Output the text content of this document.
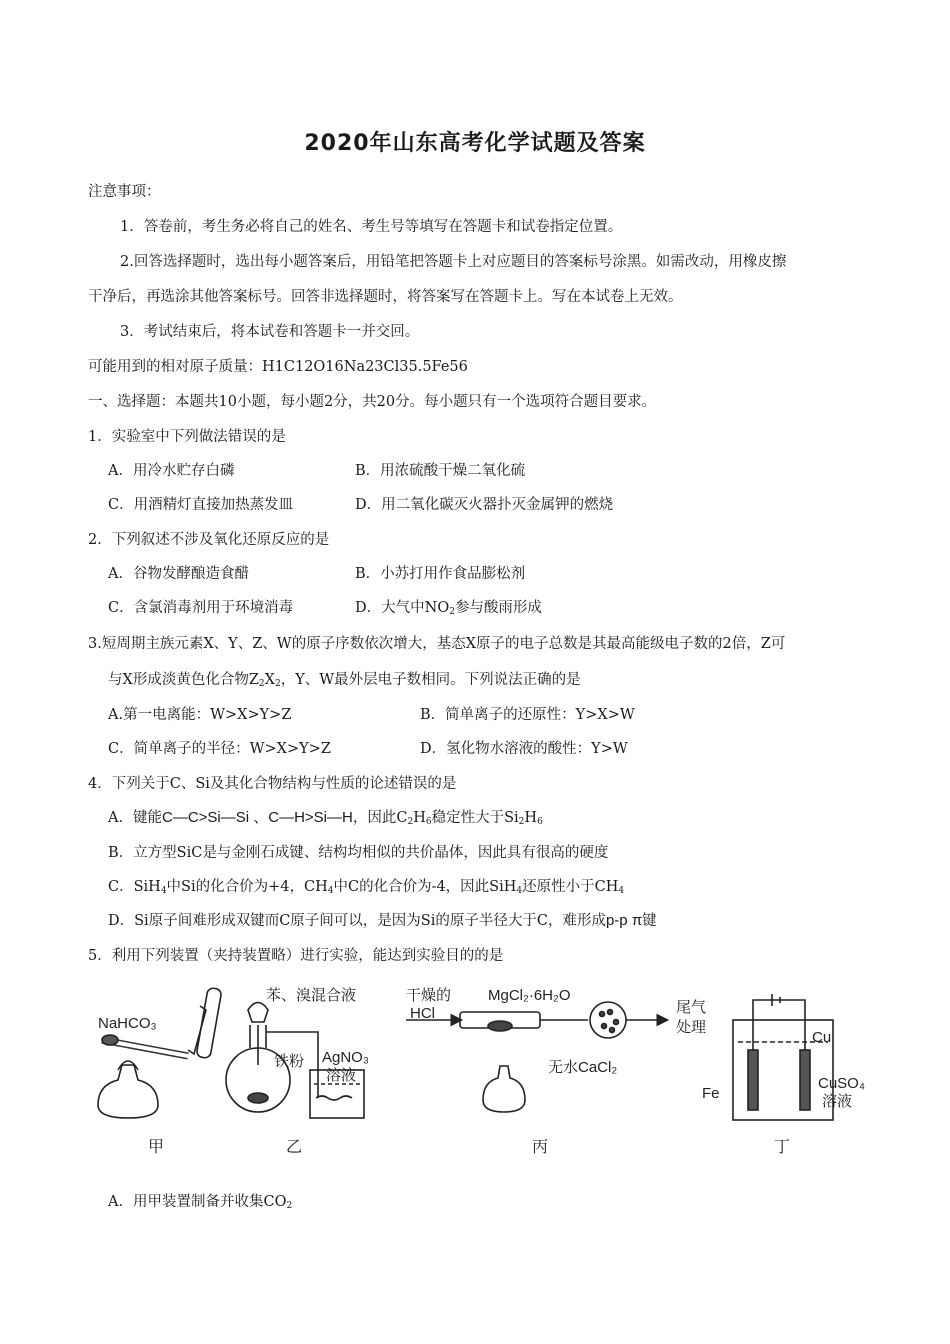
2020年山东高考化学试题及答案
注意事项：
1．答卷前，考生务必将自己的姓名、考生号等填写在答题卡和试卷指定位置。
2.回答选择题时，选出每小题答案后，用铅笔把答题卡上对应题目的答案标号涂黑。如需改动，用橡皮擦
干净后，再选涂其他答案标号。回答非选择题时，将答案写在答题卡上。写在本试卷上无效。
3．考试结束后，将本试卷和答题卡一并交回。
可能用到的相对原子质量：H1C12O16Na23Cl35.5Fe56
一、选择题：本题共10小题，每小题2分，共20分。每小题只有一个选项符合题目要求。
1．实验室中下列做法错误的是
A．用冷水贮存白磷	B．用浓硫酸干燥二氧化硫
C．用酒精灯直接加热蒸发皿	D．用二氧化碳灭火器扑灭金属钾的燃烧
2．下列叙述不涉及氧化还原反应的是
A．谷物发酵酿造食醋	B．小苏打用作食品膨松剂
C．含氯消毒剂用于环境消毒	D．大气中$NO_2$参与酸雨形成
3.短周期主族元素X、Y、Z、W的原子序数依次增大，基态X原子的电子总数是其最高能级电子数的2倍，Z可
与X形成淡黄色化合物$Z_2X_2$，Y、W最外层电子数相同。下列说法正确的是
A.第一电离能：W>X>Y>Z	B．简单离子的还原性：Y>X>W
C．简单离子的半径：W>X>Y>Z	D．氢化物水溶液的酸性：Y>W
4．下列关于C、Si及其化合物结构与性质的论述错误的是
A．键能C—C>Si—Si 、C—H>Si—H，因此$C_2H_6$稳定性大于$Si_2H_6$
B．立方型SiC是与金刚石成键、结构均相似的共价晶体，因此具有很高的硬度
C．SiH$_4$中Si的化合价为+4，$CH_4$中C的化合价为-4，因此SiH$_4$还原性小于$CH_4$
D．Si原子间难形成双键而C原子间可以，是因为Si的原子半径大于C，难形成p-p π键
5．利用下列装置（夹持装置略）进行实验，能达到实验目的的是
NaHCO₃
苯、溴混合液
铁粉 AgNO₃
溶液
干燥的
HCl
MgCl₂·6H₂O
无水CaCl₂
尾气
处理
Cu
Fe
CuSO₄
溶液
甲	乙	丙	丁
A．用甲装置制备并收集$CO_2$
